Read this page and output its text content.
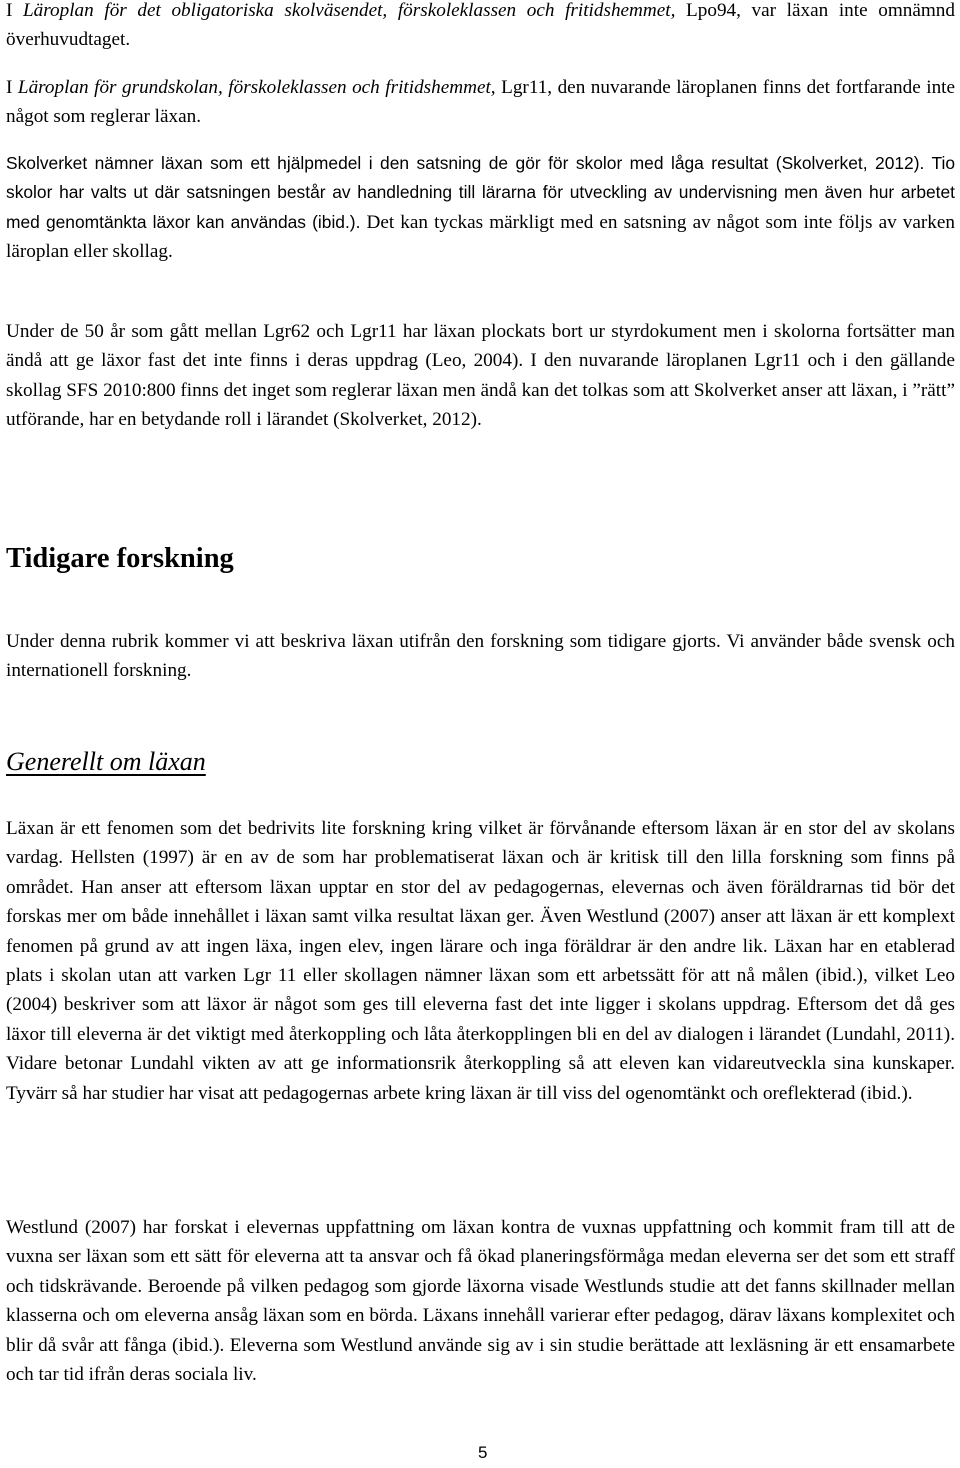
I Läroplan för det obligatoriska skolväsendet, förskoleklassen och fritidshemmet, Lpo94, var läxan inte omnämnd överhuvudtaget.

I Läroplan för grundskolan, förskoleklassen och fritidshemmet, Lgr11, den nuvarande läroplanen finns det fortfarande inte något som reglerar läxan.

Skolverket nämner läxan som ett hjälpmedel i den satsning de gör för skolor med låga resultat (Skolverket, 2012). Tio skolor har valts ut där satsningen består av handledning till lärarna för utveckling av undervisning men även hur arbetet med genomtänkta läxor kan användas (ibid.). Det kan tyckas märkligt med en satsning av något som inte följs av varken läroplan eller skollag.

Under de 50 år som gått mellan Lgr62 och Lgr11 har läxan plockats bort ur styrdokument men i skolorna fortsätter man ändå att ge läxor fast det inte finns i deras uppdrag (Leo, 2004). I den nuvarande läroplanen Lgr11 och i den gällande skollag SFS 2010:800 finns det inget som reglerar läxan men ändå kan det tolkas som att Skolverket anser att läxan, i ”rätt” utförande, har en betydande roll i lärandet (Skolverket, 2012).

Tidigare forskning

Under denna rubrik kommer vi att beskriva läxan utifrån den forskning som tidigare gjorts. Vi använder både svensk och internationell forskning.

Generellt om läxan

Läxan är ett fenomen som det bedrivits lite forskning kring vilket är förvånande eftersom läxan är en stor del av skolans vardag. Hellsten (1997) är en av de som har problematiserat läxan och är kritisk till den lilla forskning som finns på området. Han anser att eftersom läxan upptar en stor del av pedagogernas, elevernas och även föräldrarnas tid bör det forskas mer om både innehållet i läxan samt vilka resultat läxan ger. Även Westlund (2007) anser att läxan är ett komplext fenomen på grund av att ingen läxa, ingen elev, ingen lärare och inga föräldrar är den andre lik. Läxan har en etablerad plats i skolan utan att varken Lgr 11 eller skollagen nämner läxan som ett arbetssätt för att nå målen (ibid.), vilket Leo (2004) beskriver som att läxor är något som ges till eleverna fast det inte ligger i skolans uppdrag. Eftersom det då ges läxor till eleverna är det viktigt med återkoppling och låta återkopplingen bli en del av dialogen i lärandet (Lundahl, 2011). Vidare betonar Lundahl vikten av att ge informationsrik återkoppling så att eleven kan vidareutveckla sina kunskaper. Tyvärr så har studier har visat att pedagogernas arbete kring läxan är till viss del ogenomtänkt och oreflekterad (ibid.).

Westlund (2007) har forskat i elevernas uppfattning om läxan kontra de vuxnas uppfattning och kommit fram till att de vuxna ser läxan som ett sätt för eleverna att ta ansvar och få ökad planeringsförmåga medan eleverna ser det som ett straff och tidskrävande. Beroende på vilken pedagog som gjorde läxorna visade Westlunds studie att det fanns skillnader mellan klasserna och om eleverna ansåg läxan som en börda. Läxans innehåll varierar efter pedagog, därav läxans komplexitet och blir då svår att fånga (ibid.). Eleverna som Westlund använde sig av i sin studie berättade att lexläsning är ett ensamarbete och tar tid ifrån deras sociala liv.

5
